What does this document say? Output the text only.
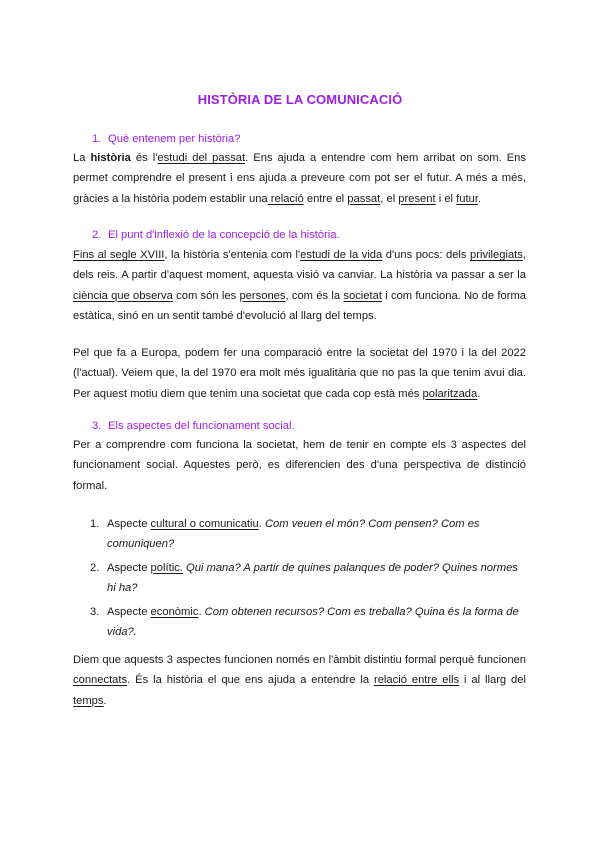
HISTÒRIA DE LA COMUNICACIÓ
1. Què entenem per història?
La història és l'estudi del passat. Ens ajuda a entendre com hem arribat on som. Ens permet comprendre el present i ens ajuda a preveure com pot ser el futur. A més a més, gràcies a la història podem establir una relació entre el passat, el present i el futur.
2. El punt d'inflexió de la concepció de la història.
Fins al segle XVIII, la història s'entenia com l'estudi de la vida d'uns pocs: dels privilegiats, dels reis. A partir d'aquest moment, aquesta visió va canviar. La història va passar a ser la ciència que observa com són les persones, com és la societat i com funciona. No de forma estàtica, sinó en un sentit també d'evolució al llarg del temps.
Pel que fa a Europa, podem fer una comparació entre la societat del 1970 i la del 2022 (l'actual). Veiem que, la del 1970 era molt més igualitària que no pas la que tenim avui dia. Per aquest motiu diem que tenim una societat que cada cop està més polaritzada.
3. Els aspectes del funcionament social.
Per a comprendre com funciona la societat, hem de tenir en compte els 3 aspectes del funcionament social. Aquestes però, es diferencien des d'una perspectiva de distinció formal.
1. Aspecte cultural o comunicatiu. Com veuen el món? Com pensen? Com es comuniquen?
2. Aspecte polític. Qui mana? A partir de quines palanques de poder? Quines normes hi ha?
3. Aspecte econòmic. Com obtenen recursos? Com es treballa? Quina és la forma de vida?.
Diem que aquests 3 aspectes funcionen només en l'àmbit distintiu formal perquè funcionen connectats. És la història el que ens ajuda a entendre la relació entre ells i al llarg del temps.
